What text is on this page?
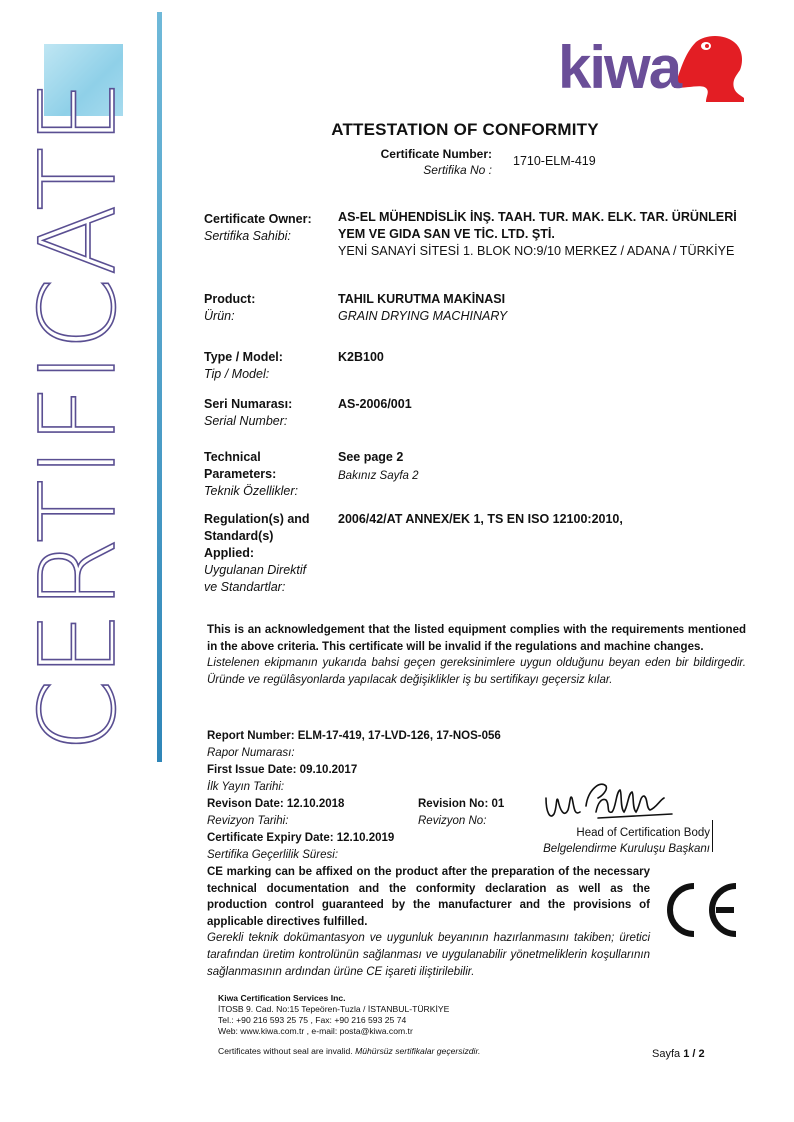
CERTIFICATE
kiwa
ATTESTATION OF CONFORMITY
Certificate Number:
Sertifika No :
1710-ELM-419
Certificate Owner:
Sertifika Sahibi:
AS-EL MÜHENDİSLİK İNŞ. TAAH. TUR. MAK. ELK. TAR. ÜRÜNLERİ
YEM VE GIDA SAN VE TİC. LTD. ŞTİ.
YENİ SANAYİ SİTESİ 1. BLOK NO:9/10 MERKEZ / ADANA / TÜRKİYE
Product:
Ürün:
TAHIL KURUTMA MAKİNASI
GRAIN DRYING MACHINARY
Type / Model:
Tip / Model:
K2B100
Seri Numarası:
Serial Number:
AS-2006/001
Technical
Parameters:
Teknik Özellikler:
See page 2
Bakınız Sayfa 2
Regulation(s) and
Standard(s)
Applied:
Uygulanan Direktif
ve Standartlar:
2006/42/AT ANNEX/EK 1, TS EN ISO 12100:2010,
This is an acknowledgement that the listed equipment complies with the requirements mentioned in the above criteria. This certificate will be invalid if the regulations and machine changes.
Listelenen ekipmanın yukarıda bahsi geçen gereksinimlere uygun olduğunu beyan eden bir bildirgedir. Üründe ve regülâsyonlarda yapılacak değişiklikler iş bu sertifikayı geçersiz kılar.
Report Number: ELM-17-419, 17-LVD-126, 17-NOS-056
Rapor Numarası:
First Issue Date: 09.10.2017
İlk Yayın Tarihi:
Revison Date: 12.10.2018
Revizyon Tarihi:
Certificate Expiry Date: 12.10.2019
Sertifika Geçerlilik Süresi:
Revision No: 01
Revizyon No:
Head of Certification Body
Belgelendirme Kuruluşu Başkanı
CE marking can be affixed on the product after the preparation of the necessary technical documentation and the conformity declaration as well as the production control guaranteed by the manufacturer and the provisions of applicable directives fulfilled.
Gerekli teknik dokümantasyon ve uygunluk beyanının hazırlanmasını takiben; üretici tarafından üretim kontrolünün sağlanması ve uygulanabilir yönetmeliklerin koşullarının sağlanmasının ardından ürüne CE işareti iliştirilebilir.
Kiwa Certification Services Inc.
İTOSB 9. Cad. No:15 Tepeören-Tuzla / İSTANBUL-TÜRKİYE
Tel.: +90 216 593 25 75 , Fax: +90 216 593 25 74
Web: www.kiwa.com.tr , e-mail: posta@kiwa.com.tr
Certificates without seal are invalid. Mühürsüz sertifikalar geçersizdir.	Sayfa 1 / 2
